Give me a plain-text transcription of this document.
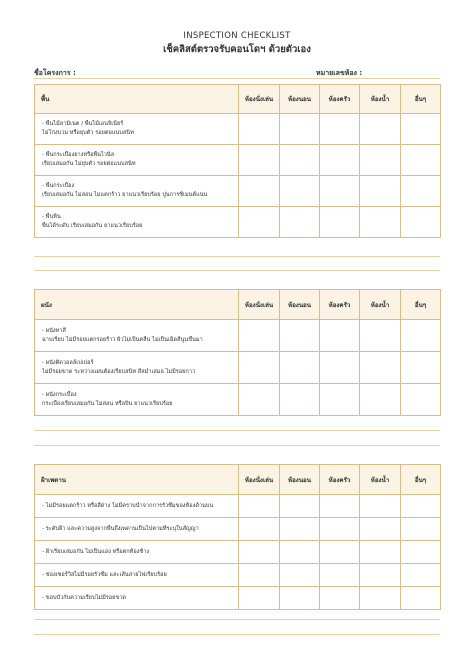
INSPECTION CHECKLIST
เช็คลิสต์ตรวจรับคอนโดฯ ด้วยตัวเอง
ชื่อโครงการ :	หมายเลขห้อง :
พื้น	ห้องนั่งเล่น	ห้องนอน	ห้องครัว	ห้องน้ำ	อื่นๆ

- พื้นไม้ลามิเนต / พื้นไม้เอนจิเนียร์
ไม่โก่งบวม หรือยุบตัว รอยต่อแนบสนิท					

- พื้นกระเบื้องยางหรือพื้นไวนิล
เรียบเสมอกัน ไม่ยุบตัว รอยต่อแนบสนิท					

- พื้นกระเบื้อง
เรียบเสมอกัน ไม่ล่อน ไม่แตกร้าว ยาแนวเรียบร้อย ปูนการซีเมนต์แน่น					

- พื้นหิน
พื้นได้ระดับ เรียบเสมอกัน ยาแนวเรียบร้อย					

ผนัง	ห้องนั่งเล่น	ห้องนอน	ห้องครัว	ห้องน้ำ	อื่นๆ

- ผนังทาสี
ฉาบเรียบ ไม่มีรอยแตกรอยร้าว ผิวไม่เป็นคลื่น ไม่เป็นเม็ดสีนูนขึ้นมา					

- ผนังติดวอลล์เปเปอร์
ไม่มีรอยขาด ระหว่างแผ่นต้องเรียบสนิท สีสม่ำเสมอ ไม่มีรอยกาว					

- ผนังกระเบื้อง
กระเบื้องเรียบเสมอกัน ไม่ล่อน หรือบิ่น ยาแนวเรียบร้อย					

ฝ้าเพดาน	ห้องนั่งเล่น	ห้องนอน	ห้องครัว	ห้องน้ำ	อื่นๆ

- ไม่มีรอยแตกร้าว หรือสีด่าง ไม่มีคราบน้ำจากการรั่วซึมของห้องด้านบน					

- ระดับฝ้า และความสูงจากพื้นถึงเพดานเป็นไปตามที่ระบุในสัญญา					

- ฝ้าเรียบเสมอกัน ไม่เป็นแอ่ง หรือตกท้องช้าง					

- ช่องเซอร์วิสไม่มีรอยรั่วซึม และเส้นสายไฟเรียบร้อย					

- ขอบบัวกับความเรียบไม่มีรอยขาด					
